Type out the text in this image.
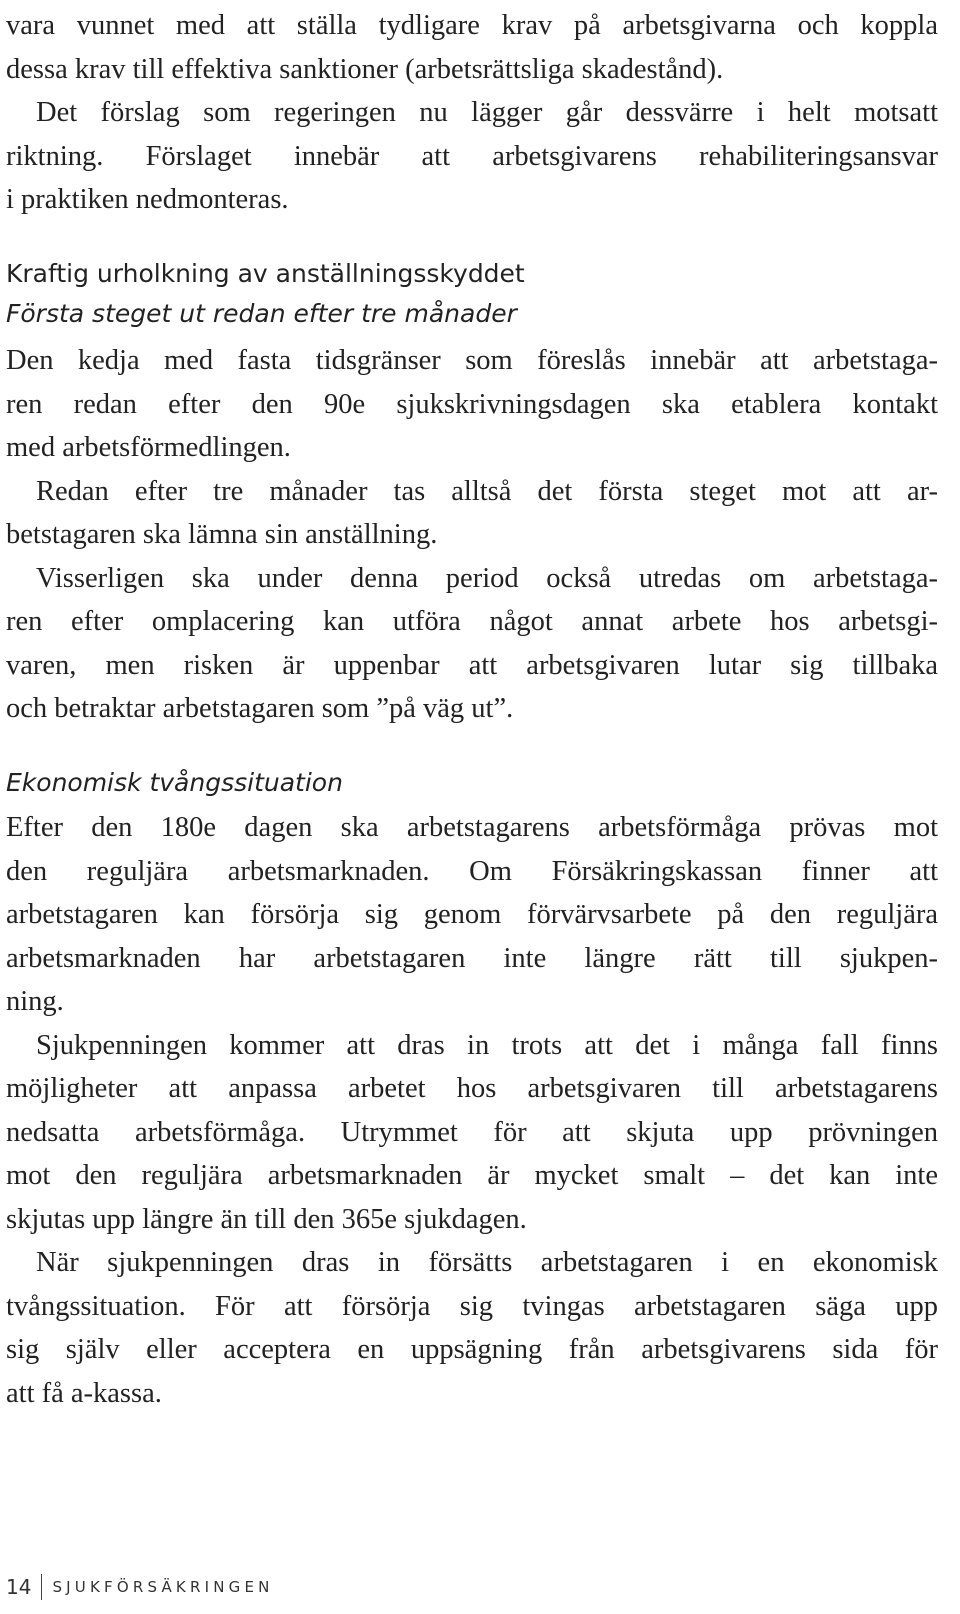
vara vunnet med att ställa tydligare krav på arbetsgivarna och koppla
dessa krav till effektiva sanktioner (arbetsrättsliga skadestånd).
Det förslag som regeringen nu lägger går dessvärre i helt motsatt
riktning. Förslaget innebär att arbetsgivarens rehabiliteringsansvar
i praktiken nedmonteras.
Kraftig urholkning av anställningsskyddet
Första steget ut redan efter tre månader
Den kedja med fasta tidsgränser som föreslås innebär att arbetstaga-
ren redan efter den 90e sjukskrivningsdagen ska etablera kontakt
med arbetsförmedlingen.
Redan efter tre månader tas alltså det första steget mot att ar-
betstagaren ska lämna sin anställning.
Visserligen ska under denna period också utredas om arbetstaga-
ren efter omplacering kan utföra något annat arbete hos arbetsgi-
varen, men risken är uppenbar att arbetsgivaren lutar sig tillbaka
och betraktar arbetstagaren som ”på väg ut”.
Ekonomisk tvångssituation
Efter den 180e dagen ska arbetstagarens arbetsförmåga prövas mot
den reguljära arbetsmarknaden. Om Försäkringskassan finner att
arbetstagaren kan försörja sig genom förvärvsarbete på den reguljära
arbetsmarknaden har arbetstagaren inte längre rätt till sjukpen-
ning.
Sjukpenningen kommer att dras in trots att det i många fall finns
möjligheter att anpassa arbetet hos arbetsgivaren till arbetstagarens
nedsatta arbetsförmåga. Utrymmet för att skjuta upp prövningen
mot den reguljära arbetsmarknaden är mycket smalt – det kan inte
skjutas upp längre än till den 365e sjukdagen.
När sjukpenningen dras in försätts arbetstagaren i en ekonomisk
tvångssituation. För att försörja sig tvingas arbetstagaren säga upp
sig själv eller acceptera en uppsägning från arbetsgivarens sida för
att få a-kassa.
14 SJUKFÖRSÄKRINGEN
